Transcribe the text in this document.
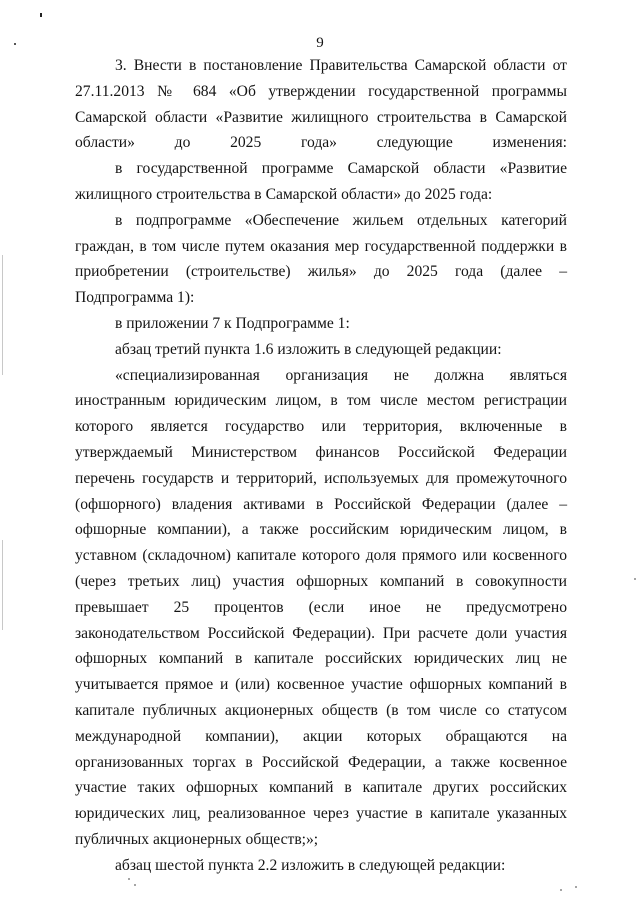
9

3. Внести в постановление Правительства Самарской области от 27.11.2013 № 684 «Об утверждении государственной программы Самарской области «Развитие жилищного строительства в Самарской области» до 2025 года» следующие изменения:

в государственной программе Самарской области «Развитие жилищного строительства в Самарской области» до 2025 года:

в подпрограмме «Обеспечение жильем отдельных категорий граждан, в том числе путем оказания мер государственной поддержки в приобретении (строительстве) жилья» до 2025 года (далее – Подпрограмма 1):

в приложении 7 к Подпрограмме 1:

абзац третий пункта 1.6 изложить в следующей редакции:

«специализированная организация не должна являться иностранным юридическим лицом, в том числе местом регистрации которого является государство или территория, включенные в утверждаемый Министерством финансов Российской Федерации перечень государств и территорий, используемых для промежуточного (офшорного) владения активами в Российской Федерации (далее – офшорные компании), а также российским юридическим лицом, в уставном (складочном) капитале которого доля прямого или косвенного (через третьих лиц) участия офшорных компаний в совокупности превышает 25 процентов (если иное не предусмотрено законодательством Российской Федерации). При расчете доли участия офшорных компаний в капитале российских юридических лиц не учитывается прямое и (или) косвенное участие офшорных компаний в капитале публичных акционерных обществ (в том числе со статусом международной компании), акции которых обращаются на организованных торгах в Российской Федерации, а также косвенное участие таких офшорных компаний в капитале других российских юридических лиц, реализованное через участие в капитале указанных публичных акционерных обществ;»;

абзац шестой пункта 2.2 изложить в следующей редакции:
